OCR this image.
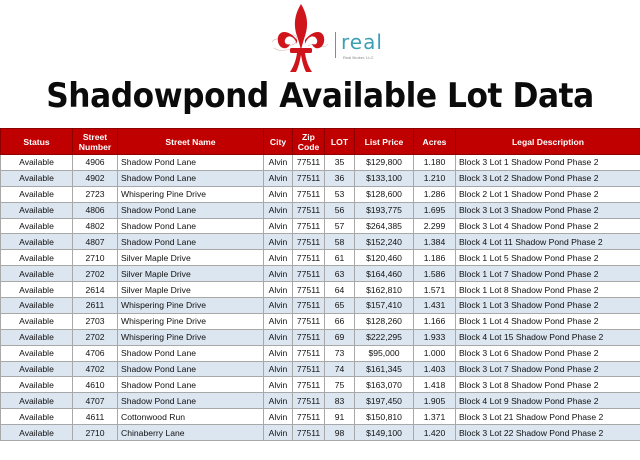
real
Real Broker, LLC
Shadowpond Available Lot Data
Status	Street Number	Street Name	City	Zip Code	LOT	List Price	Acres	Legal Description
Available	4906	Shadow Pond Lane	Alvin	77511	35	$129,800	1.180	Block 3 Lot 1 Shadow Pond Phase 2
Available	4902	Shadow Pond Lane	Alvin	77511	36	$133,100	1.210	Block 3 Lot 2 Shadow Pond Phase 2
Available	2723	Whispering Pine Drive	Alvin	77511	53	$128,600	1.286	Block 2 Lot 1 Shadow Pond Phase 2
Available	4806	Shadow Pond Lane	Alvin	77511	56	$193,775	1.695	Block 3 Lot 3 Shadow Pond Phase 2
Available	4802	Shadow Pond Lane	Alvin	77511	57	$264,385	2.299	Block 3 Lot 4 Shadow Pond Phase 2
Available	4807	Shadow Pond Lane	Alvin	77511	58	$152,240	1.384	Block 4 Lot 11 Shadow Pond Phase 2
Available	2710	Silver Maple Drive	Alvin	77511	61	$120,460	1.186	Block 1 Lot 5 Shadow Pond Phase 2
Available	2702	Silver Maple Drive	Alvin	77511	63	$164,460	1.586	Block 1 Lot 7 Shadow Pond Phase 2
Available	2614	Silver Maple Drive	Alvin	77511	64	$162,810	1.571	Block 1 Lot 8 Shadow Pond Phase 2
Available	2611	Whispering Pine Drive	Alvin	77511	65	$157,410	1.431	Block 1 Lot 3 Shadow Pond Phase 2
Available	2703	Whispering Pine Drive	Alvin	77511	66	$128,260	1.166	Block 1 Lot 4 Shadow Pond Phase 2
Available	2702	Whispering Pine Drive	Alvin	77511	69	$222,295	1.933	Block 4 Lot 15 Shadow Pond Phase 2
Available	4706	Shadow Pond Lane	Alvin	77511	73	$95,000	1.000	Block 3 Lot 6 Shadow Pond Phase 2
Available	4702	Shadow Pond Lane	Alvin	77511	74	$161,345	1.403	Block 3 Lot 7 Shadow Pond Phase 2
Available	4610	Shadow Pond Lane	Alvin	77511	75	$163,070	1.418	Block 3 Lot 8 Shadow Pond Phase 2
Available	4707	Shadow Pond Lane	Alvin	77511	83	$197,450	1.905	Block 4 Lot 9 Shadow Pond Phase 2
Available	4611	Cottonwood Run	Alvin	77511	91	$150,810	1.371	Block 3 Lot 21 Shadow Pond Phase 2
Available	2710	Chinaberry Lane	Alvin	77511	98	$149,100	1.420	Block 3 Lot 22 Shadow Pond Phase 2
